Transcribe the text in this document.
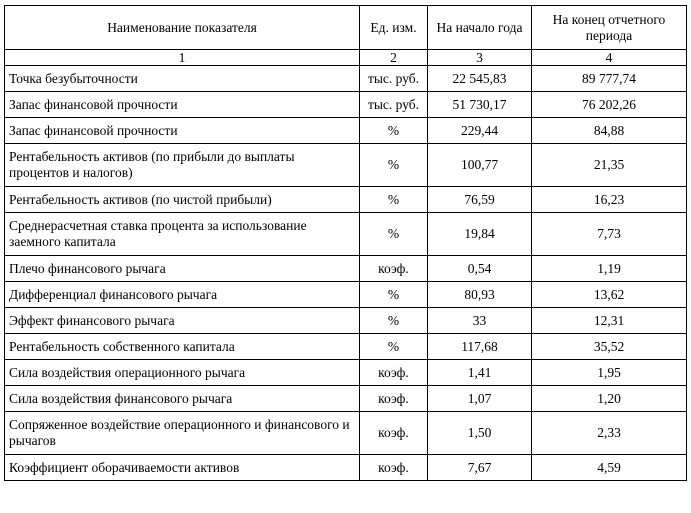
Наименование показателя	Ед. изм.	На начало года	На конец отчетного периода
1	2	3	4
Точка безубыточности	тыс. руб.	22 545,83	89 777,74
Запас финансовой прочности	тыс. руб.	51 730,17	76 202,26
Запас финансовой прочности	%	229,44	84,88
Рентабельность активов (по прибыли до выплаты процентов и налогов)	%	100,77	21,35
Рентабельность активов (по чистой прибыли)	%	76,59	16,23
Среднерасчетная ставка процента за использование заемного капитала	%	19,84	7,73
Плечо финансового рычага	коэф.	0,54	1,19
Дифференциал финансового рычага	%	80,93	13,62
Эффект финансового рычага	%	33	12,31
Рентабельность собственного капитала	%	117,68	35,52
Сила воздействия операционного рычага	коэф.	1,41	1,95
Сила воздействия финансового рычага	коэф.	1,07	1,20
Сопряженное воздействие операционного и финансового и рычагов	коэф.	1,50	2,33
Коэффициент оборачиваемости активов	коэф.	7,67	4,59
